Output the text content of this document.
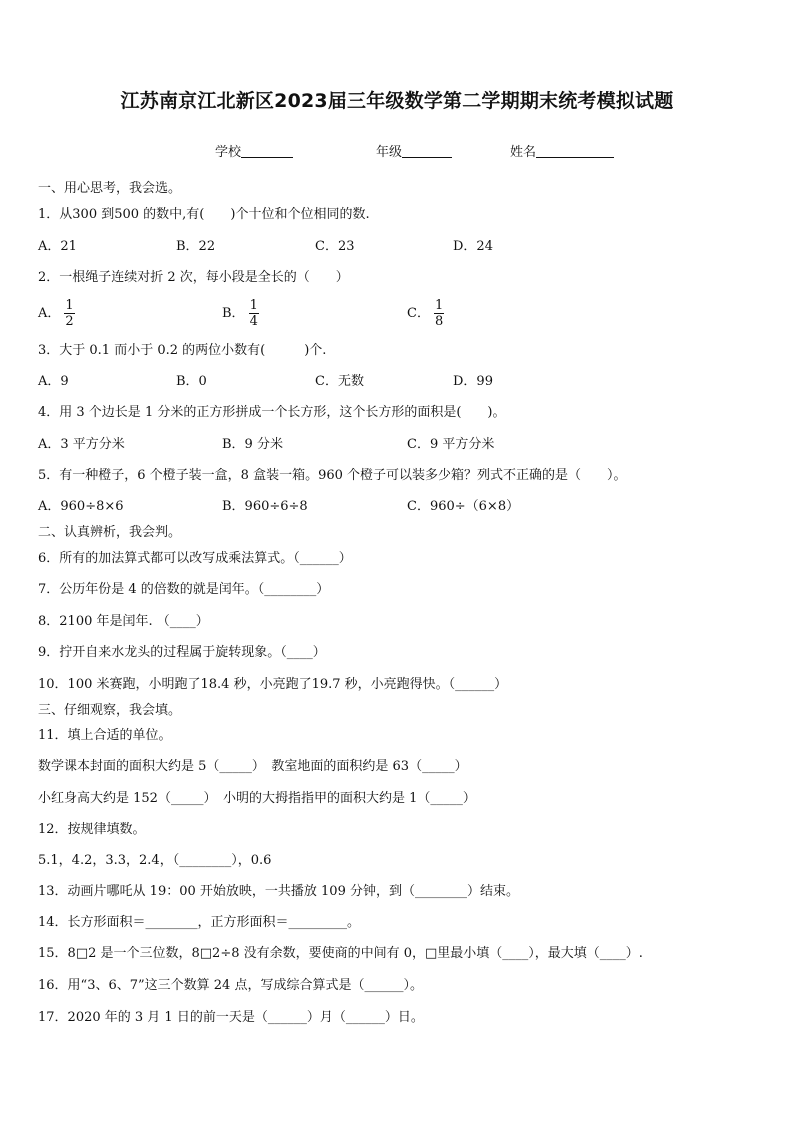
江苏南京江北新区2023届三年级数学第二学期期末统考模拟试题
学校	年级	姓名
一、用心思考，我会选。
1．从300 到500 的数中,有(　　)个十位和个位相同的数.
A．21	B．22	C．23	D．24
2．一根绳子连续对折 2 次，每小段是全长的（　　）
A． $\frac{1}{2}$	B． $\frac{1}{4}$	C． $\frac{1}{8}$
3．大于 0.1 而小于 0.2 的两位小数有(　　　)个.
A．9	B．0	C．无数	D．99
4．用 3 个边长是 1 分米的正方形拼成一个长方形，这个长方形的面积是(　　)。
A．3 平方分米	B．9 分米	C．9 平方分米
5．有一种橙子，6 个橙子装一盒，8 盒装一箱。960 个橙子可以装多少箱？列式不正确的是（　　）。
A．960÷8×6	B．960÷6÷8	C．960÷（6×8）
二、认真辨析，我会判。
6．所有的加法算式都可以改写成乘法算式。（______）
7．公历年份是 4 的倍数的就是闰年。（________）
8．2100 年是闰年. （____）
9．拧开自来水龙头的过程属于旋转现象。（____）
10．100 米赛跑，小明跑了18.4 秒，小亮跑了19.7 秒，小亮跑得快。（______）
三、仔细观察，我会填。
11．填上合适的单位。
数学课本封面的面积大约是 5（_____）　教室地面的面积约是 63（_____）
小红身高大约是 152（_____）　小明的大拇指指甲的面积大约是 1（_____）
12．按规律填数。
5.1，4.2，3.3，2.4，（________），0.6
13．动画片哪吒从 19：00 开始放映，一共播放 109 分钟，到（________）结束。
14．长方形面积＝________，正方形面积＝_________。
15．8□2 是一个三位数，8□2÷8 没有余数，要使商的中间有 0，□里最小填（____），最大填（____）.
16．用“3、6、7”这三个数算 24 点，写成综合算式是（______）。
17．2020 年的 3 月 1 日的前一天是（______）月（______）日。
